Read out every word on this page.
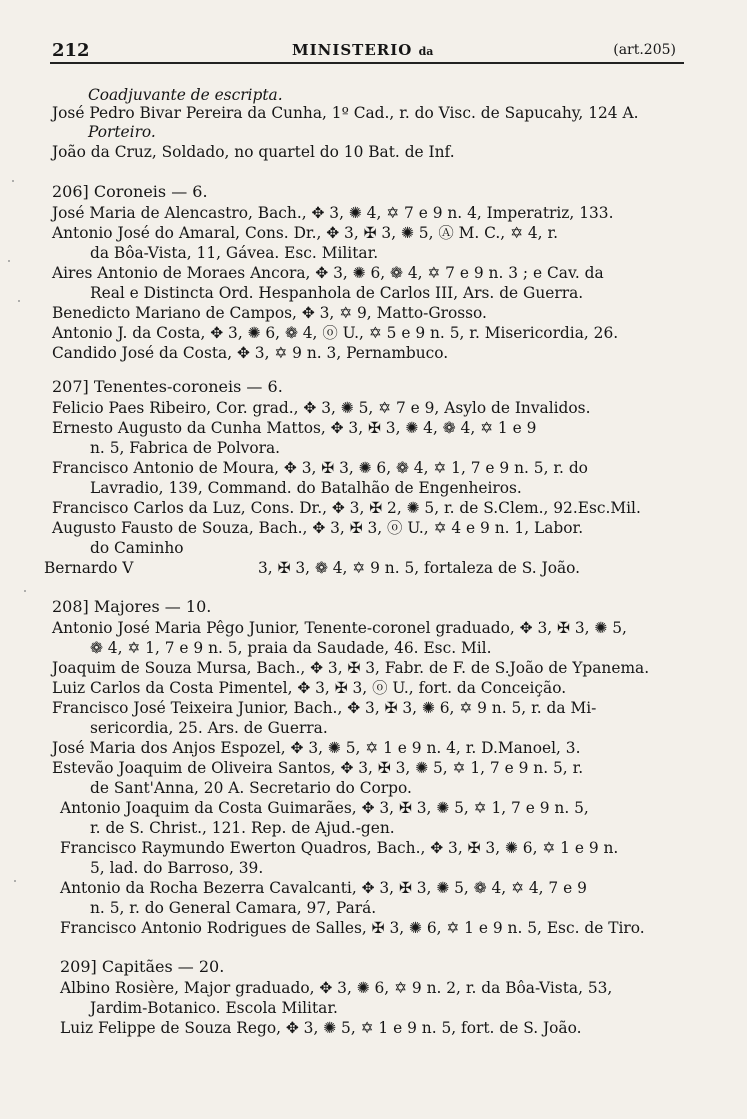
212	MINISTERIO da	(art.205)
Coadjuvante de escripta.
José Pedro Bivar Pereira da Cunha, 1º Cad., r. do Visc. de Sapucahy, 124 A.
Porteiro.
João da Cruz, Soldado, no quartel do 10 Bat. de Inf.
206] Coroneis — 6.
José Maria de Alencastro, Bach., ✥ 3, ✺ 4, ✡ 7 e 9 n. 4, Imperatriz, 133.
Antonio José do Amaral, Cons. Dr., ✥ 3, ✠ 3, ✺ 5, Ⓐ M. C., ✡ 4, r.
da Bôa-Vista, 11, Gávea. Esc. Militar.
Aires Antonio de Moraes Ancora, ✥ 3, ✺ 6, ❁ 4, ✡ 7 e 9 n. 3 ; e Cav. da
Real e Distincta Ord. Hespanhola de Carlos III, Ars. de Guerra.
Benedicto Mariano de Campos, ✥ 3, ✡ 9, Matto-Grosso.
Antonio J. da Costa, ✥ 3, ✺ 6, ❁ 4, ⓞ U., ✡ 5 e 9 n. 5, r. Misericordia, 26.
Candido José da Costa, ✥ 3, ✡ 9 n. 3, Pernambuco.
207] Tenentes-coroneis — 6.
Felicio Paes Ribeiro, Cor. grad., ✥ 3, ✺ 5, ✡ 7 e 9, Asylo de Invalidos.
Ernesto Augusto da Cunha Mattos, ✥ 3, ✠ 3, ✺ 4, ❁ 4, ✡ 1 e 9
n. 5, Fabrica de Polvora.
Francisco Antonio de Moura, ✥ 3, ✠ 3, ✺ 6, ❁ 4, ✡ 1, 7 e 9 n. 5, r. do
Lavradio, 139, Command. do Batalhão de Engenheiros.
Francisco Carlos da Luz, Cons. Dr., ✥ 3, ✠ 2, ✺ 5, r. de S.Clem., 92.Esc.Mil.
Augusto Fausto de Souza, Bach., ✥ 3, ✠ 3, ⓞ U., ✡ 4 e 9 n. 1, Labor.
do Caminho
Bernardo V	3, ✠ 3, ❁ 4, ✡ 9 n. 5, fortaleza de S. João.
208] Majores — 10.
Antonio José Maria Pêgo Junior, Tenente-coronel graduado, ✥ 3, ✠ 3, ✺ 5,
❁ 4, ✡ 1, 7 e 9 n. 5, praia da Saudade, 46. Esc. Mil.
Joaquim de Souza Mursa, Bach., ✥ 3, ✠ 3, Fabr. de F. de S.João de Ypanema.
Luiz Carlos da Costa Pimentel, ✥ 3, ✠ 3, ⓞ U., fort. da Conceição.
Francisco José Teixeira Junior, Bach., ✥ 3, ✠ 3, ✺ 6, ✡ 9 n. 5, r. da Mi-
sericordia, 25. Ars. de Guerra.
José Maria dos Anjos Espozel, ✥ 3, ✺ 5, ✡ 1 e 9 n. 4, r. D.Manoel, 3.
Estevão Joaquim de Oliveira Santos, ✥ 3, ✠ 3, ✺ 5, ✡ 1, 7 e 9 n. 5, r.
de Sant'Anna, 20 A. Secretario do Corpo.
Antonio Joaquim da Costa Guimarães, ✥ 3, ✠ 3, ✺ 5, ✡ 1, 7 e 9 n. 5,
r. de S. Christ., 121. Rep. de Ajud.-gen.
Francisco Raymundo Ewerton Quadros, Bach., ✥ 3, ✠ 3, ✺ 6, ✡ 1 e 9 n.
5, lad. do Barroso, 39.
Antonio da Rocha Bezerra Cavalcanti, ✥ 3, ✠ 3, ✺ 5, ❁ 4, ✡ 4, 7 e 9
n. 5, r. do General Camara, 97, Pará.
Francisco Antonio Rodrigues de Salles, ✠ 3, ✺ 6, ✡ 1 e 9 n. 5, Esc. de Tiro.
209] Capitães — 20.
Albino Rosière, Major graduado, ✥ 3, ✺ 6, ✡ 9 n. 2, r. da Bôa-Vista, 53,
Jardim-Botanico. Escola Militar.
Luiz Felippe de Souza Rego, ✥ 3, ✺ 5, ✡ 1 e 9 n. 5, fort. de S. João.
